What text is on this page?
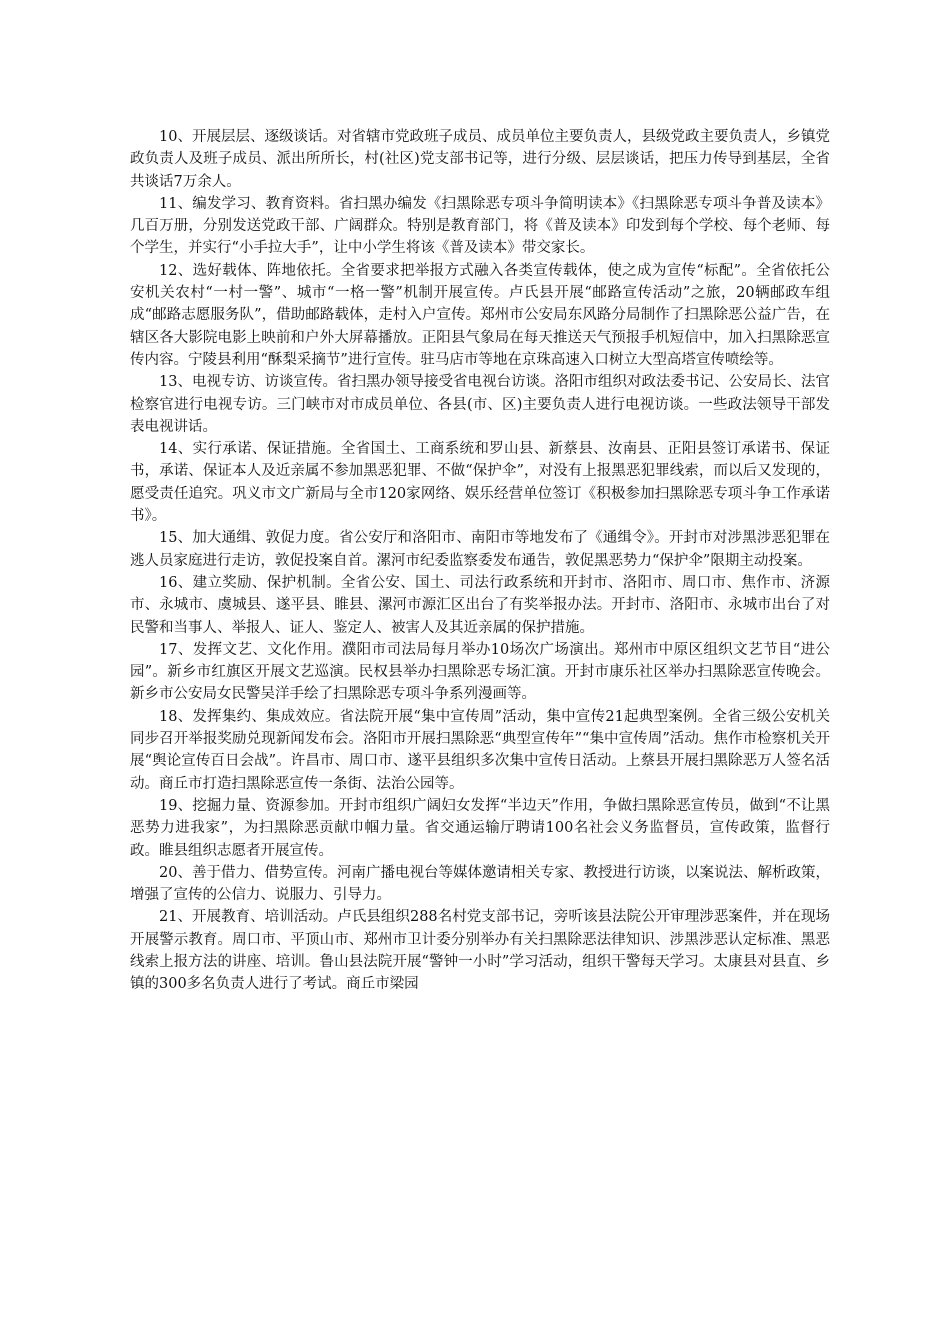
10、开展层层、逐级谈话。对省辖市党政班子成员、成员单位主要负责人，县级党政主要负责人，乡镇党政负责人及班子成员、派出所所长，村(社区)党支部书记等，进行分级、层层谈话，把压力传导到基层，全省共谈话7万余人。

11、编发学习、教育资料。省扫黑办编发《扫黑除恶专项斗争简明读本》《扫黑除恶专项斗争普及读本》几百万册，分别发送党政干部、广阔群众。特别是教育部门，将《普及读本》印发到每个学校、每个老师、每个学生，并实行“小手拉大手”，让中小学生将该《普及读本》带交家长。

12、选好载体、阵地依托。全省要求把举报方式融入各类宣传载体，使之成为宣传“标配”。全省依托公安机关农村“一村一警”、城市“一格一警”机制开展宣传。卢氏县开展“邮路宣传活动”之旅，20辆邮政车组成“邮路志愿服务队”，借助邮路载体，走村入户宣传。郑州市公安局东风路分局制作了扫黑除恶公益广告，在辖区各大影院电影上映前和户外大屏幕播放。正阳县气象局在每天推送天气预报手机短信中，加入扫黑除恶宣传内容。宁陵县利用“酥梨采摘节”进行宣传。驻马店市等地在京珠高速入口树立大型高塔宣传喷绘等。

13、电视专访、访谈宣传。省扫黑办领导接受省电视台访谈。洛阳市组织对政法委书记、公安局长、法官检察官进行电视专访。三门峡市对市成员单位、各县(市、区)主要负责人进行电视访谈。一些政法领导干部发表电视讲话。

14、实行承诺、保证措施。全省国土、工商系统和罗山县、新蔡县、汝南县、正阳县签订承诺书、保证书，承诺、保证本人及近亲属不参加黑恶犯罪、不做“保护伞”，对没有上报黑恶犯罪线索，而以后又发现的，愿受责任追究。巩义市文广新局与全市120家网络、娱乐经营单位签订《积极参加扫黑除恶专项斗争工作承诺书》。

15、加大通缉、敦促力度。省公安厅和洛阳市、南阳市等地发布了《通缉令》。开封市对涉黑涉恶犯罪在逃人员家庭进行走访，敦促投案自首。漯河市纪委监察委发布通告，敦促黑恶势力“保护伞”限期主动投案。

16、建立奖励、保护机制。全省公安、国土、司法行政系统和开封市、洛阳市、周口市、焦作市、济源市、永城市、虞城县、遂平县、睢县、漯河市源汇区出台了有奖举报办法。开封市、洛阳市、永城市出台了对民警和当事人、举报人、证人、鉴定人、被害人及其近亲属的保护措施。

17、发挥文艺、文化作用。濮阳市司法局每月举办10场次广场演出。郑州市中原区组织文艺节目“进公园”。新乡市红旗区开展文艺巡演。民权县举办扫黑除恶专场汇演。开封市康乐社区举办扫黑除恶宣传晚会。新乡市公安局女民警吴洋手绘了扫黑除恶专项斗争系列漫画等。

18、发挥集约、集成效应。省法院开展“集中宣传周”活动，集中宣传21起典型案例。全省三级公安机关同步召开举报奖励兑现新闻发布会。洛阳市开展扫黑除恶“典型宣传年”“集中宣传周”活动。焦作市检察机关开展“舆论宣传百日会战”。许昌市、周口市、遂平县组织多次集中宣传日活动。上蔡县开展扫黑除恶万人签名活动。商丘市打造扫黑除恶宣传一条街、法治公园等。

19、挖掘力量、资源参加。开封市组织广阔妇女发挥“半边天”作用，争做扫黑除恶宣传员，做到“不让黑恶势力进我家”，为扫黑除恶贡献巾帼力量。省交通运输厅聘请100名社会义务监督员，宣传政策，监督行政。睢县组织志愿者开展宣传。

20、善于借力、借势宣传。河南广播电视台等媒体邀请相关专家、教授进行访谈，以案说法、解析政策，增强了宣传的公信力、说服力、引导力。

21、开展教育、培训活动。卢氏县组织288名村党支部书记，旁听该县法院公开审理涉恶案件，并在现场开展警示教育。周口市、平顶山市、郑州市卫计委分别举办有关扫黑除恶法律知识、涉黑涉恶认定标准、黑恶线索上报方法的讲座、培训。鲁山县法院开展“警钟一小时”学习活动，组织干警每天学习。太康县对县直、乡镇的300多名负责人进行了考试。商丘市梁园
